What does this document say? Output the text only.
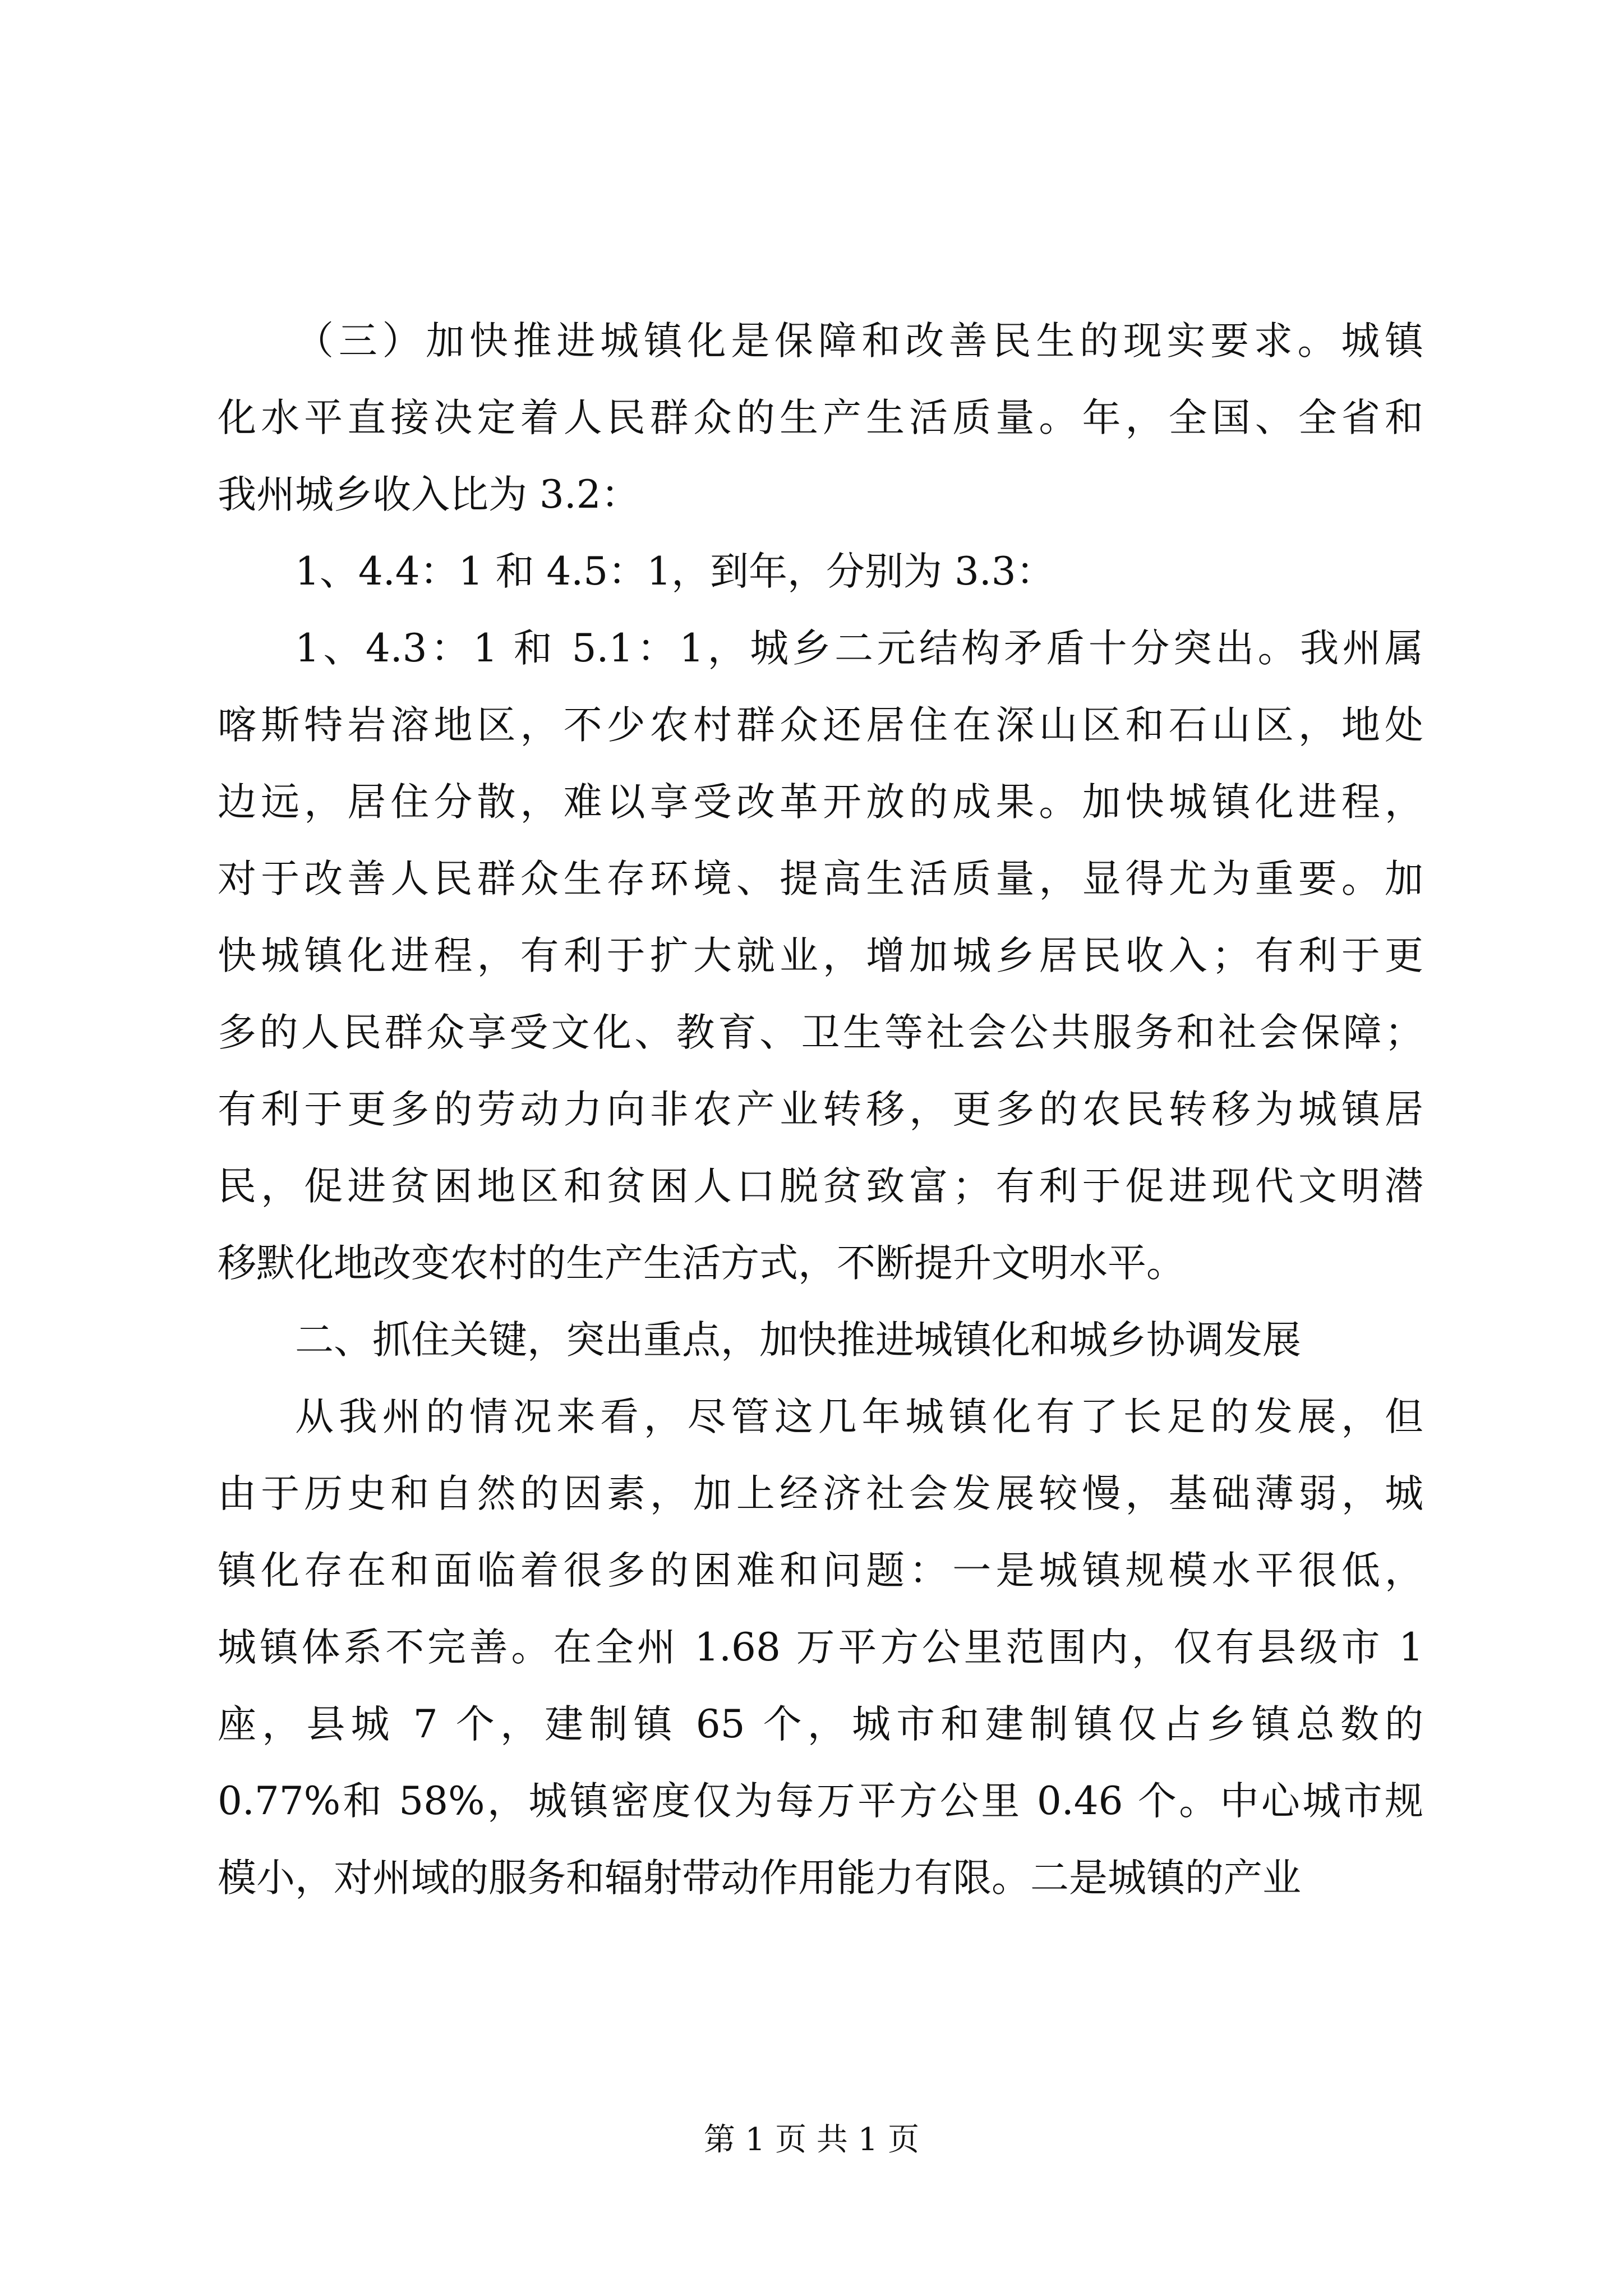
（三）加快推进城镇化是保障和改善民生的现实要求。城镇
化水平直接决定着人民群众的生产生活质量。年，全国、全省和
我州城乡收入比为 3.2：
1、4.4：1 和 4.5：1，到年，分别为 3.3：
1、4.3：1 和 5.1：1，城乡二元结构矛盾十分突出。我州属
喀斯特岩溶地区，不少农村群众还居住在深山区和石山区，地处
边远，居住分散，难以享受改革开放的成果。加快城镇化进程，
对于改善人民群众生存环境、提高生活质量，显得尤为重要。加
快城镇化进程，有利于扩大就业，增加城乡居民收入；有利于更
多的人民群众享受文化、教育、卫生等社会公共服务和社会保障；
有利于更多的劳动力向非农产业转移，更多的农民转移为城镇居
民，促进贫困地区和贫困人口脱贫致富；有利于促进现代文明潜
移默化地改变农村的生产生活方式，不断提升文明水平。
二、抓住关键，突出重点，加快推进城镇化和城乡协调发展
从我州的情况来看，尽管这几年城镇化有了长足的发展，但
由于历史和自然的因素，加上经济社会发展较慢，基础薄弱，城
镇化存在和面临着很多的困难和问题：一是城镇规模水平很低，
城镇体系不完善。在全州 1.68 万平方公里范围内，仅有县级市 1
座，县城 7 个，建制镇 65 个，城市和建制镇仅占乡镇总数的
0.77%和 58%，城镇密度仅为每万平方公里 0.46 个。中心城市规
模小，对州域的服务和辐射带动作用能力有限。二是城镇的产业
第 1 页 共 1 页
